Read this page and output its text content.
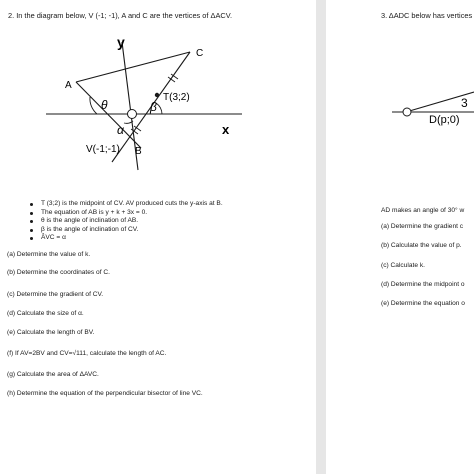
2. In the diagram below, V (-1; -1), A and C are the vertices of ΔACV.
y
x
A
C
T(3;2)
V(-1;-1) B
θ	β
α
T (3;2) is the midpoint of CV. AV produced cuts the y-axis at B.
The equation of AB is y + k + 3x = 0.
θ is the angle of inclination of AB.
β is the angle of inclination of CV.
ÂVC = α
(a) Determine the value of k.
(b) Determine the coordinates of C.
(c) Determine the gradient of CV.
(d) Calculate the size of α.
(e) Calculate the length of BV.
(f) If AV=2BV and CV=√111, calculate the length of AC.
(g) Calculate the area of ΔAVC.
(h) Determine the equation of the perpendicular bisector of line VC.
3. ΔADC below has vertices
3
D(p;0)
AD makes an angle of 30° w
(a) Determine the gradient c
(b) Calculate the value of p.
(c) Calculate k.
(d) Determine the midpoint o
(e) Determine the equation o
